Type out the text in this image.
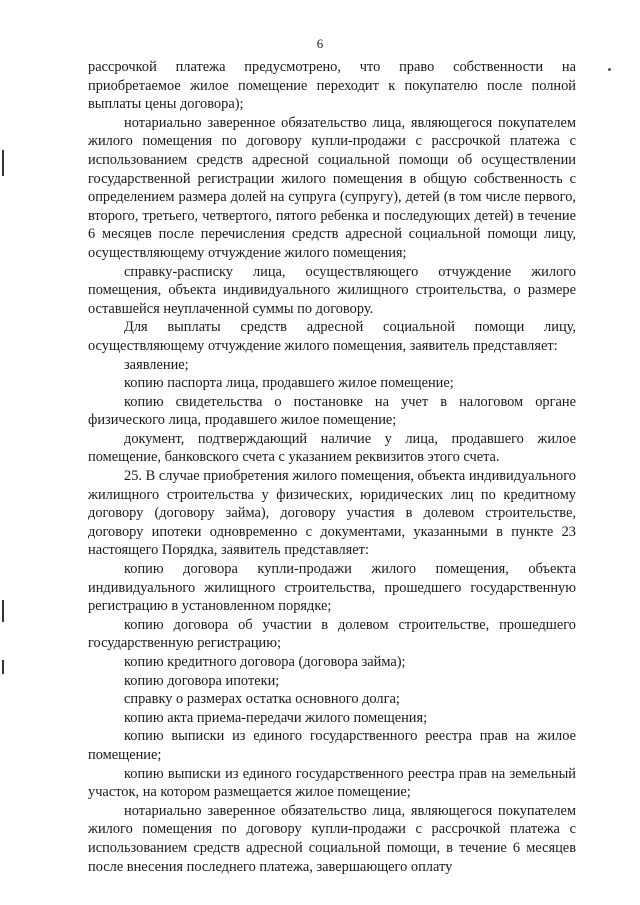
6

рассрочкой платежа предусмотрено, что право собственности на приобретаемое жилое помещение переходит к покупателю после полной выплаты цены договора);

нотариально заверенное обязательство лица, являющегося покупателем жилого помещения по договору купли-продажи с рассрочкой платежа с использованием средств адресной социальной помощи об осуществлении государственной регистрации жилого помещения в общую собственность с определением размера долей на супруга (супругу), детей (в том числе первого, второго, третьего, четвертого, пятого ребенка и последующих детей) в течение 6 месяцев после перечисления средств адресной социальной помощи лицу, осуществляющему отчуждение жилого помещения;

справку-расписку лица, осуществляющего отчуждение жилого помещения, объекта индивидуального жилищного строительства, о размере оставшейся неуплаченной суммы по договору.

Для выплаты средств адресной социальной помощи лицу, осуществляющему отчуждение жилого помещения, заявитель представляет:

заявление;

копию паспорта лица, продавшего жилое помещение;

копию свидетельства о постановке на учет в налоговом органе физического лица, продавшего жилое помещение;

документ, подтверждающий наличие у лица, продавшего жилое помещение, банковского счета с указанием реквизитов этого счета.

25. В случае приобретения жилого помещения, объекта индивидуального жилищного строительства у физических, юридических лиц по кредитному договору (договору займа), договору участия в долевом строительстве, договору ипотеки одновременно с документами, указанными в пункте 23 настоящего Порядка, заявитель представляет:

копию договора купли-продажи жилого помещения, объекта индивидуального жилищного строительства, прошедшего государственную регистрацию в установленном порядке;

копию договора об участии в долевом строительстве, прошедшего государственную регистрацию;

копию кредитного договора (договора займа);

копию договора ипотеки;

справку о размерах остатка основного долга;

копию акта приема-передачи жилого помещения;

копию выписки из единого государственного реестра прав на жилое помещение;

копию выписки из единого государственного реестра прав на земельный участок, на котором размещается жилое помещение;

нотариально заверенное обязательство лица, являющегося покупателем жилого помещения по договору купли-продажи с рассрочкой платежа с использованием средств адресной социальной помощи, в течение 6 месяцев после внесения последнего платежа, завершающего оплату
